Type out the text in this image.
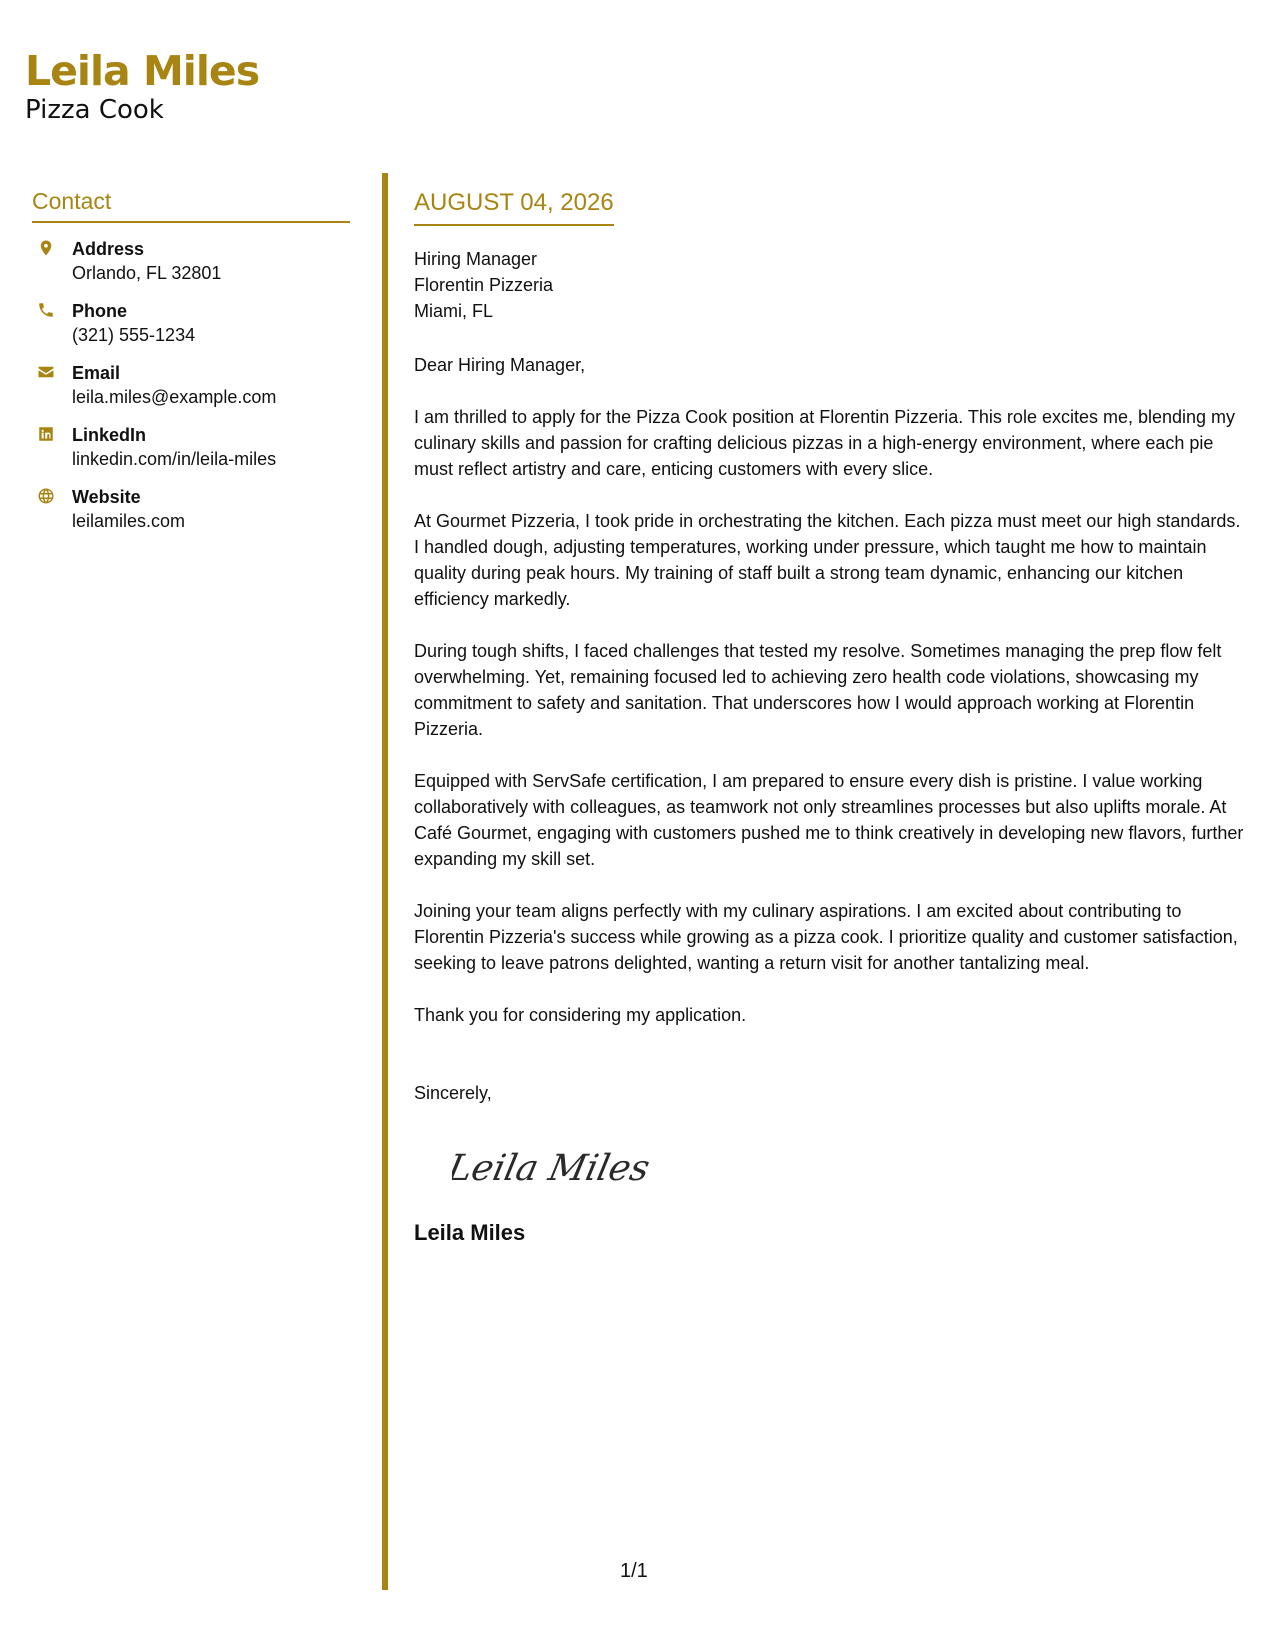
Leila Miles
Pizza Cook
Contact
Address
Orlando, FL 32801
Phone
(321) 555-1234
Email
leila.miles@example.com
LinkedIn
linkedin.com/in/leila-miles
Website
leilamiles.com
AUGUST 04, 2026
Hiring Manager
Florentin Pizzeria
Miami, FL
Dear Hiring Manager,
I am thrilled to apply for the Pizza Cook position at Florentin Pizzeria. This role excites me, blending my culinary skills and passion for crafting delicious pizzas in a high-energy environment, where each pie must reflect artistry and care, enticing customers with every slice.
At Gourmet Pizzeria, I took pride in orchestrating the kitchen. Each pizza must meet our high standards. I handled dough, adjusting temperatures, working under pressure, which taught me how to maintain quality during peak hours. My training of staff built a strong team dynamic, enhancing our kitchen efficiency markedly.
During tough shifts, I faced challenges that tested my resolve. Sometimes managing the prep flow felt overwhelming. Yet, remaining focused led to achieving zero health code violations, showcasing my commitment to safety and sanitation. That underscores how I would approach working at Florentin Pizzeria.
Equipped with ServSafe certification, I am prepared to ensure every dish is pristine. I value working collaboratively with colleagues, as teamwork not only streamlines processes but also uplifts morale. At Café Gourmet, engaging with customers pushed me to think creatively in developing new flavors, further expanding my skill set.
Joining your team aligns perfectly with my culinary aspirations. I am excited about contributing to Florentin Pizzeria's success while growing as a pizza cook. I prioritize quality and customer satisfaction, seeking to leave patrons delighted, wanting a return visit for another tantalizing meal.
Thank you for considering my application.
Sincerely,
Leila Miles
Leila Miles
1/1
